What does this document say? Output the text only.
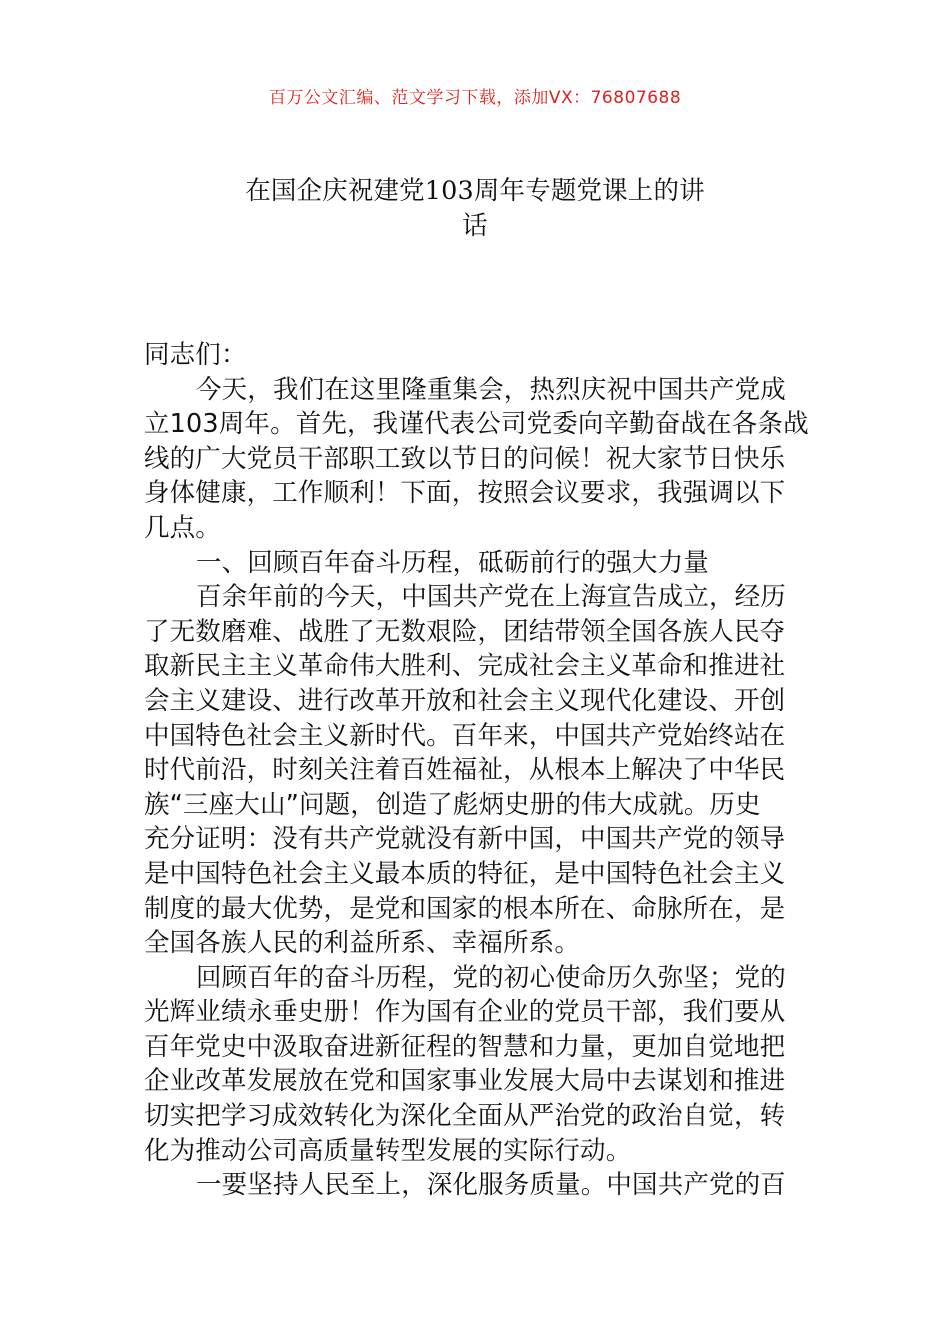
百万公文汇编、范文学习下载，添加VX：76807688
在国企庆祝建党103周年专题党课上的讲
话
同志们：
今天，我们在这里隆重集会，热烈庆祝中国共产党成
立103周年。首先，我谨代表公司党委向辛勤奋战在各条战
线的广大党员干部职工致以节日的问候！祝大家节日快乐
身体健康，工作顺利！下面，按照会议要求，我强调以下
几点。
一、回顾百年奋斗历程，砥砺前行的强大力量
百余年前的今天，中国共产党在上海宣告成立，经历
了无数磨难、战胜了无数艰险，团结带领全国各族人民夺
取新民主主义革命伟大胜利、完成社会主义革命和推进社
会主义建设、进行改革开放和社会主义现代化建设、开创
中国特色社会主义新时代。百年来，中国共产党始终站在
时代前沿，时刻关注着百姓福祉，从根本上解决了中华民
族“三座大山”问题，创造了彪炳史册的伟大成就。历史
充分证明：没有共产党就没有新中国，中国共产党的领导
是中国特色社会主义最本质的特征，是中国特色社会主义
制度的最大优势，是党和国家的根本所在、命脉所在，是
全国各族人民的利益所系、幸福所系。
回顾百年的奋斗历程，党的初心使命历久弥坚；党的
光辉业绩永垂史册！作为国有企业的党员干部，我们要从
百年党史中汲取奋进新征程的智慧和力量，更加自觉地把
企业改革发展放在党和国家事业发展大局中去谋划和推进
切实把学习成效转化为深化全面从严治党的政治自觉，转
化为推动公司高质量转型发展的实际行动。
一要坚持人民至上，深化服务质量。中国共产党的百
